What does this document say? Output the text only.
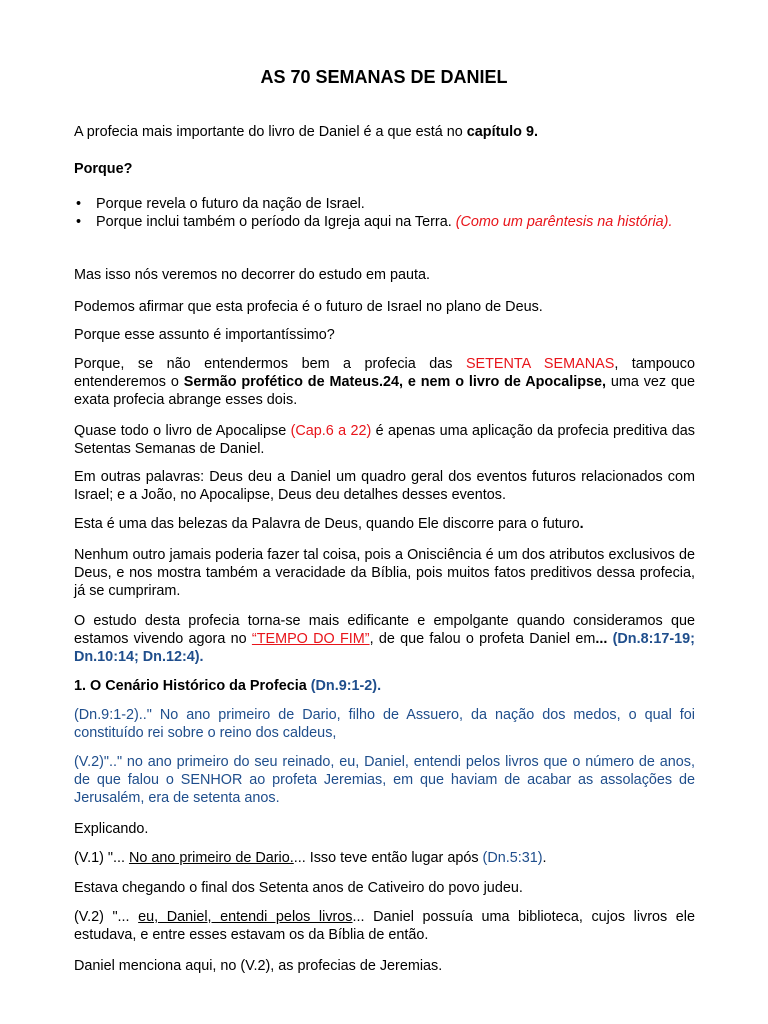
AS 70 SEMANAS DE DANIEL

A profecia mais importante do livro de Daniel é a que está no capítulo 9.

Porque?

• Porque revela o futuro da nação de Israel.
• Porque inclui também o período da Igreja aqui na Terra. (Como um parêntesis na história).

Mas isso nós veremos no decorrer do estudo em pauta.

Podemos afirmar que esta profecia é o futuro de Israel no plano de Deus.

Porque esse assunto é importantíssimo?

Porque, se não entendermos bem a profecia das SETENTA SEMANAS, tampouco entenderemos o Sermão profético de Mateus.24, e nem o livro de Apocalipse, uma vez que exata profecia abrange esses dois.

Quase todo o livro de Apocalipse (Cap.6 a 22) é apenas uma aplicação da profecia preditiva das Setentas Semanas de Daniel.

Em outras palavras: Deus deu a Daniel um quadro geral dos eventos futuros relacionados com Israel; e a João, no Apocalipse, Deus deu detalhes desses eventos.

Esta é uma das belezas da Palavra de Deus, quando Ele discorre para o futuro.

Nenhum outro jamais poderia fazer tal coisa, pois a Onisciência é um dos atributos exclusivos de Deus, e nos mostra também a veracidade da Bíblia, pois muitos fatos preditivos dessa profecia, já se cumpriram.

O estudo desta profecia torna-se mais edificante e empolgante quando consideramos que estamos vivendo agora no “TEMPO DO FIM”, de que falou o profeta Daniel em... (Dn.8:17-19; Dn.10:14; Dn.12:4).

1. O Cenário Histórico da Profecia (Dn.9:1-2).

(Dn.9:1-2).." No ano primeiro de Dario, filho de Assuero, da nação dos medos, o qual foi constituído rei sobre o reino dos caldeus,

(V.2)".." no ano primeiro do seu reinado, eu, Daniel, entendi pelos livros que o número de anos, de que falou o SENHOR ao profeta Jeremias, em que haviam de acabar as assolações de Jerusalém, era de setenta anos.

Explicando.

(V.1) "... No ano primeiro de Dario.... Isso teve então lugar após (Dn.5:31).

Estava chegando o final dos Setenta anos de Cativeiro do povo judeu.

(V.2) "... eu, Daniel, entendi pelos livros... Daniel possuía uma biblioteca, cujos livros ele estudava, e entre esses estavam os da Bíblia de então.

Daniel menciona aqui, no (V.2), as profecias de Jeremias.
